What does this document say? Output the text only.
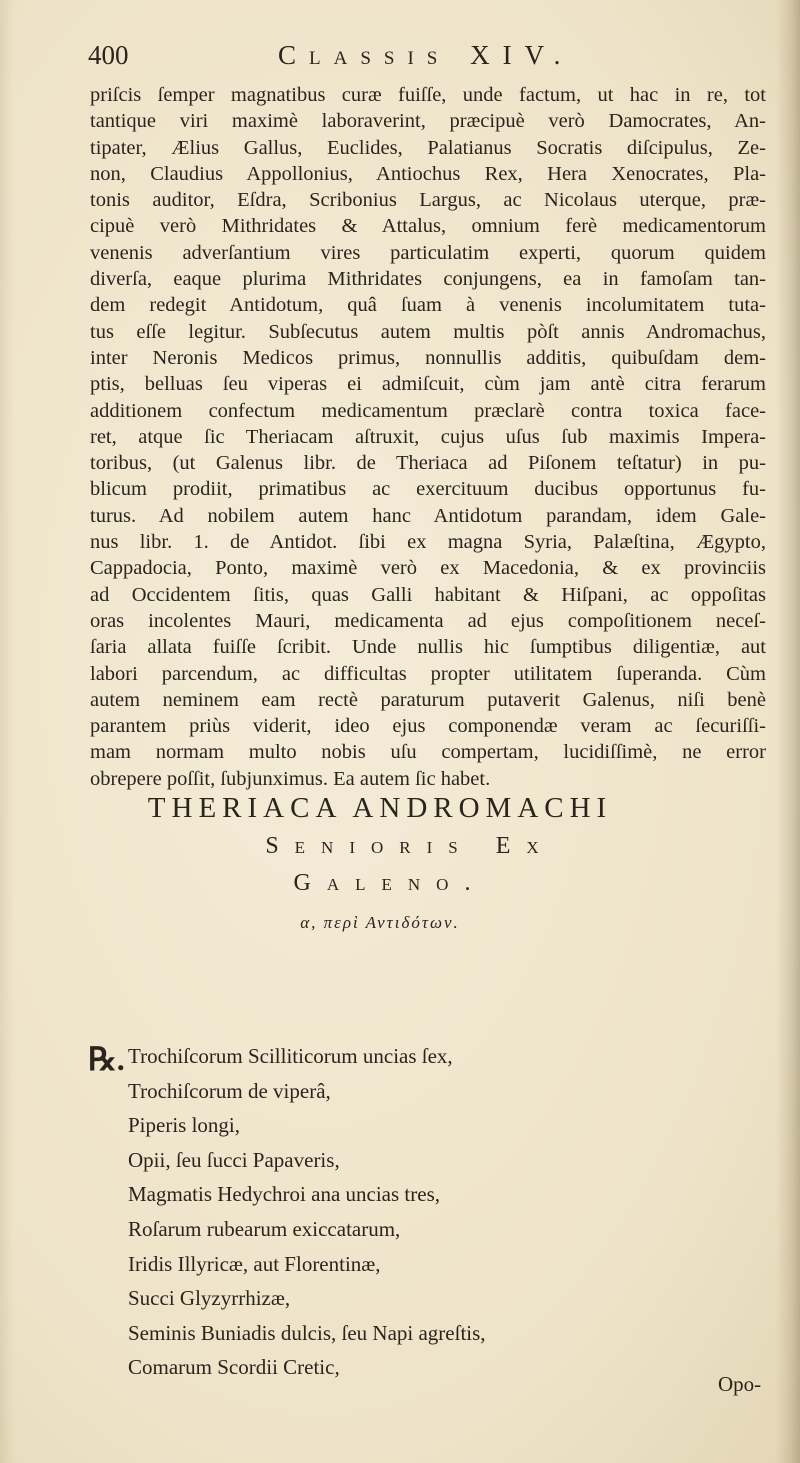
400	Classis XIV.
priſcis ſemper magnatibus curæ fuiſſe, unde factum, ut hac in re, tot
tantique viri maximè laboraverint, præcipuè verò Damocrates, An-
tipater, Ælius Gallus, Euclides, Palatianus Socratis diſcipulus, Ze-
non, Claudius Appollonius, Antiochus Rex, Hera Xenocrates, Pla-
tonis auditor, Eſdra, Scribonius Largus, ac Nicolaus uterque, præ-
cipuè verò Mithridates & Attalus, omnium ferè medicamentorum
venenis adverſantium vires particulatim experti, quorum quidem
diverſa, eaque plurima Mithridates conjungens, ea in famoſam tan-
dem redegit Antidotum, quâ ſuam à venenis incolumitatem tuta-
tus eſſe legitur. Subſecutus autem multis pòſt annis Andromachus,
inter Neronis Medicos primus, nonnullis additis, quibuſdam dem-
ptis, belluas ſeu viperas ei admiſcuit, cùm jam antè citra ferarum
additionem confectum medicamentum præclarè contra toxica face-
ret, atque ſic Theriacam aſtruxit, cujus uſus ſub maximis Impera-
toribus, (ut Galenus libr. de Theriaca ad Piſonem teſtatur) in pu-
blicum prodiit, primatibus ac exercituum ducibus opportunus fu-
turus. Ad nobilem autem hanc Antidotum parandam, idem Gale-
nus libr. 1. de Antidot. ſibi ex magna Syria, Palæſtina, Ægypto,
Cappadocia, Ponto, maximè verò ex Macedonia, & ex provinciis
ad Occidentem ſitis, quas Galli habitant & Hiſpani, ac oppoſitas
oras incolentes Mauri, medicamenta ad ejus compoſitionem neceſ-
ſaria allata fuiſſe ſcribit. Unde nullis hic ſumptibus diligentiæ, aut
labori parcendum, ac difficultas propter utilitatem ſuperanda. Cùm
autem neminem eam rectè paraturum putaverit Galenus, niſi benè
parantem priùs viderit, ideo ejus componendæ veram ac ſecuriſſi-
mam normam multo nobis uſu compertam, lucidiſſimè, ne error
obrepere poſſit, ſubjunximus. Ea autem ſic habet.
THERIACA ANDROMACHI
Senioris Ex
Galeno.
α, περὶ Αντιδότων.
℞. Trochiſcorum Scilliticorum uncias ſex,
Trochiſcorum de viperâ,
Piperis longi,
Opii, ſeu ſucci Papaveris,
Magmatis Hedychroi ana uncias tres,
Roſarum rubearum exiccatarum,
Iridis Illyricæ, aut Florentinæ,
Succi Glyzyrrhizæ,
Seminis Buniadis dulcis, ſeu Napi agreſtis,
Comarum Scordii Cretic,
Opo-
